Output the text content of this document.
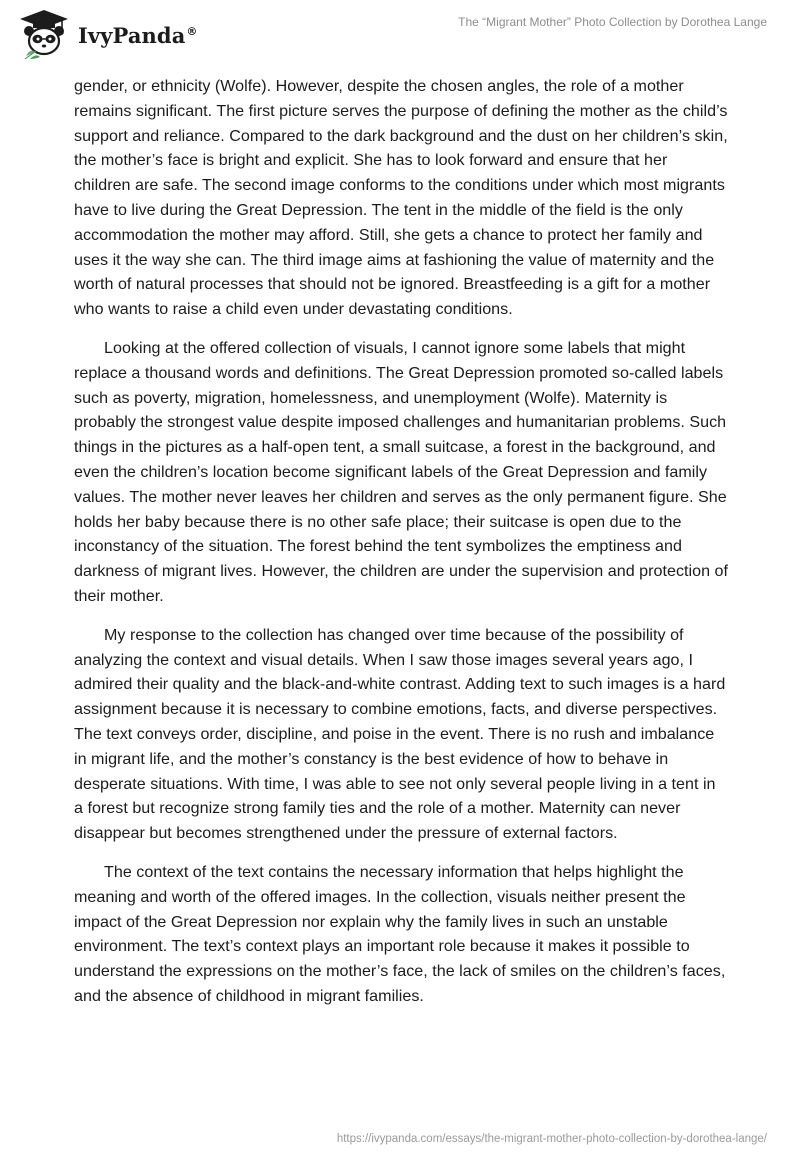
IvyPanda®
The “Migrant Mother” Photo Collection by Dorothea Lange

gender, or ethnicity (Wolfe). However, despite the chosen angles, the role of a mother remains significant. The first picture serves the purpose of defining the mother as the child’s support and reliance. Compared to the dark background and the dust on her children’s skin, the mother’s face is bright and explicit. She has to look forward and ensure that her children are safe. The second image conforms to the conditions under which most migrants have to live during the Great Depression. The tent in the middle of the field is the only accommodation the mother may afford. Still, she gets a chance to protect her family and uses it the way she can. The third image aims at fashioning the value of maternity and the worth of natural processes that should not be ignored. Breastfeeding is a gift for a mother who wants to raise a child even under devastating conditions.

Looking at the offered collection of visuals, I cannot ignore some labels that might replace a thousand words and definitions. The Great Depression promoted so-called labels such as poverty, migration, homelessness, and unemployment (Wolfe). Maternity is probably the strongest value despite imposed challenges and humanitarian problems. Such things in the pictures as a half-open tent, a small suitcase, a forest in the background, and even the children’s location become significant labels of the Great Depression and family values. The mother never leaves her children and serves as the only permanent figure. She holds her baby because there is no other safe place; their suitcase is open due to the inconstancy of the situation. The forest behind the tent symbolizes the emptiness and darkness of migrant lives. However, the children are under the supervision and protection of their mother.

My response to the collection has changed over time because of the possibility of analyzing the context and visual details. When I saw those images several years ago, I admired their quality and the black-and-white contrast. Adding text to such images is a hard assignment because it is necessary to combine emotions, facts, and diverse perspectives. The text conveys order, discipline, and poise in the event. There is no rush and imbalance in migrant life, and the mother’s constancy is the best evidence of how to behave in desperate situations. With time, I was able to see not only several people living in a tent in a forest but recognize strong family ties and the role of a mother. Maternity can never disappear but becomes strengthened under the pressure of external factors.

The context of the text contains the necessary information that helps highlight the meaning and worth of the offered images. In the collection, visuals neither present the impact of the Great Depression nor explain why the family lives in such an unstable environment. The text’s context plays an important role because it makes it possible to understand the expressions on the mother’s face, the lack of smiles on the children’s faces, and the absence of childhood in migrant families.

https://ivypanda.com/essays/the-migrant-mother-photo-collection-by-dorothea-lange/
